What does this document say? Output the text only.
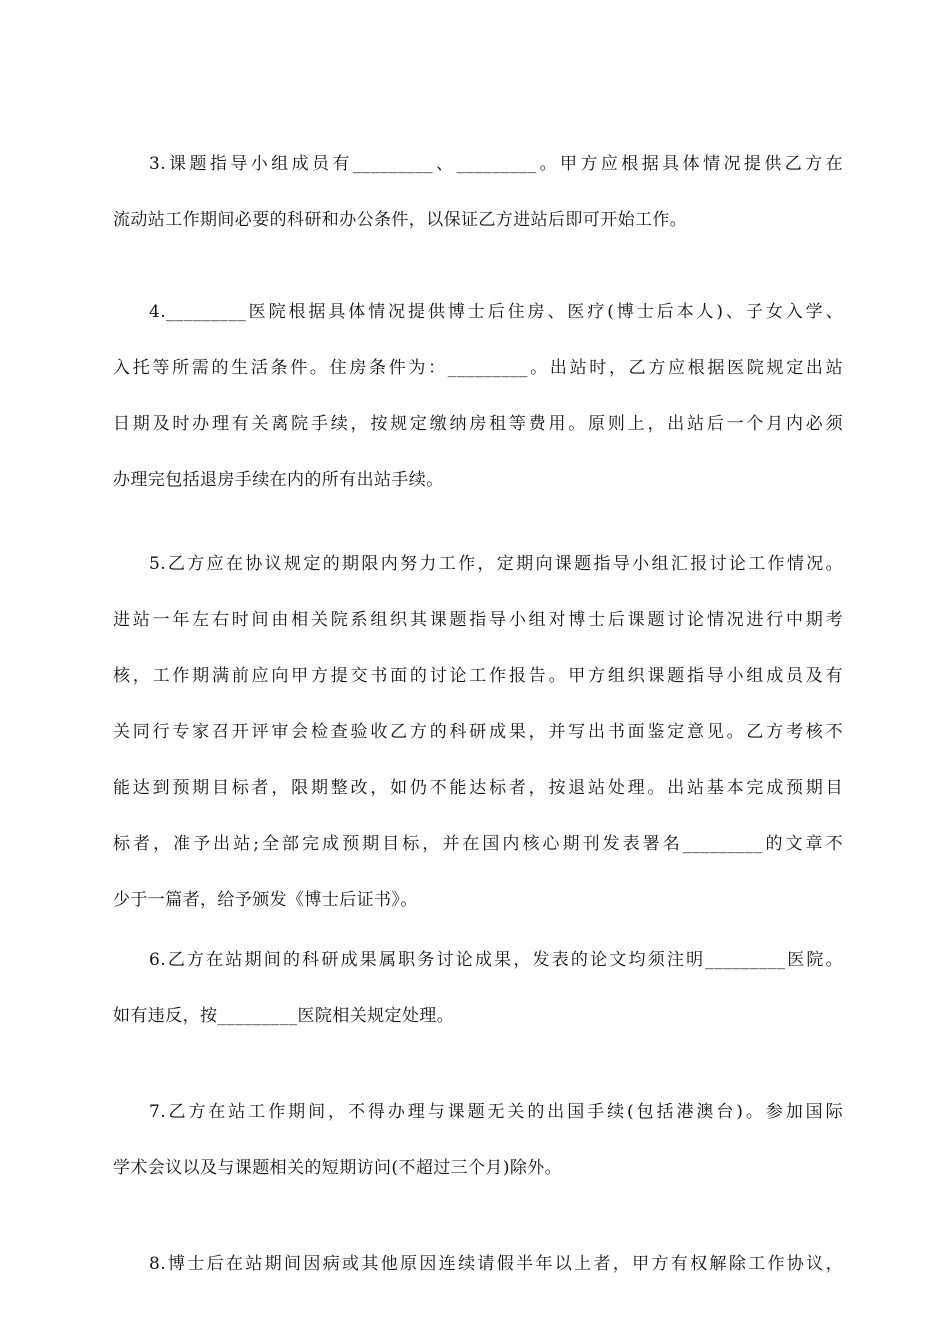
3.课题指导小组成员有_________、_________。甲方应根据具体情况提供乙方在
流动站工作期间必要的科研和办公条件，以保证乙方进站后即可开始工作。
4._________医院根据具体情况提供博士后住房、医疗(博士后本人)、子女入学、
入托等所需的生活条件。住房条件为：_________。出站时，乙方应根据医院规定出站
日期及时办理有关离院手续，按规定缴纳房租等费用。原则上，出站后一个月内必须
办理完包括退房手续在内的所有出站手续。
5.乙方应在协议规定的期限内努力工作，定期向课题指导小组汇报讨论工作情况。
进站一年左右时间由相关院系组织其课题指导小组对博士后课题讨论情况进行中期考
核，工作期满前应向甲方提交书面的讨论工作报告。甲方组织课题指导小组成员及有
关同行专家召开评审会检查验收乙方的科研成果，并写出书面鉴定意见。乙方考核不
能达到预期目标者，限期整改，如仍不能达标者，按退站处理。出站基本完成预期目
标者，准予出站;全部完成预期目标，并在国内核心期刊发表署名_________的文章不
少于一篇者，给予颁发《博士后证书》。
6.乙方在站期间的科研成果属职务讨论成果，发表的论文均须注明_________医院。
如有违反，按_________医院相关规定处理。
7.乙方在站工作期间，不得办理与课题无关的出国手续(包括港澳台)。参加国际
学术会议以及与课题相关的短期访问(不超过三个月)除外。
8.博士后在站期间因病或其他原因连续请假半年以上者，甲方有权解除工作协议，
